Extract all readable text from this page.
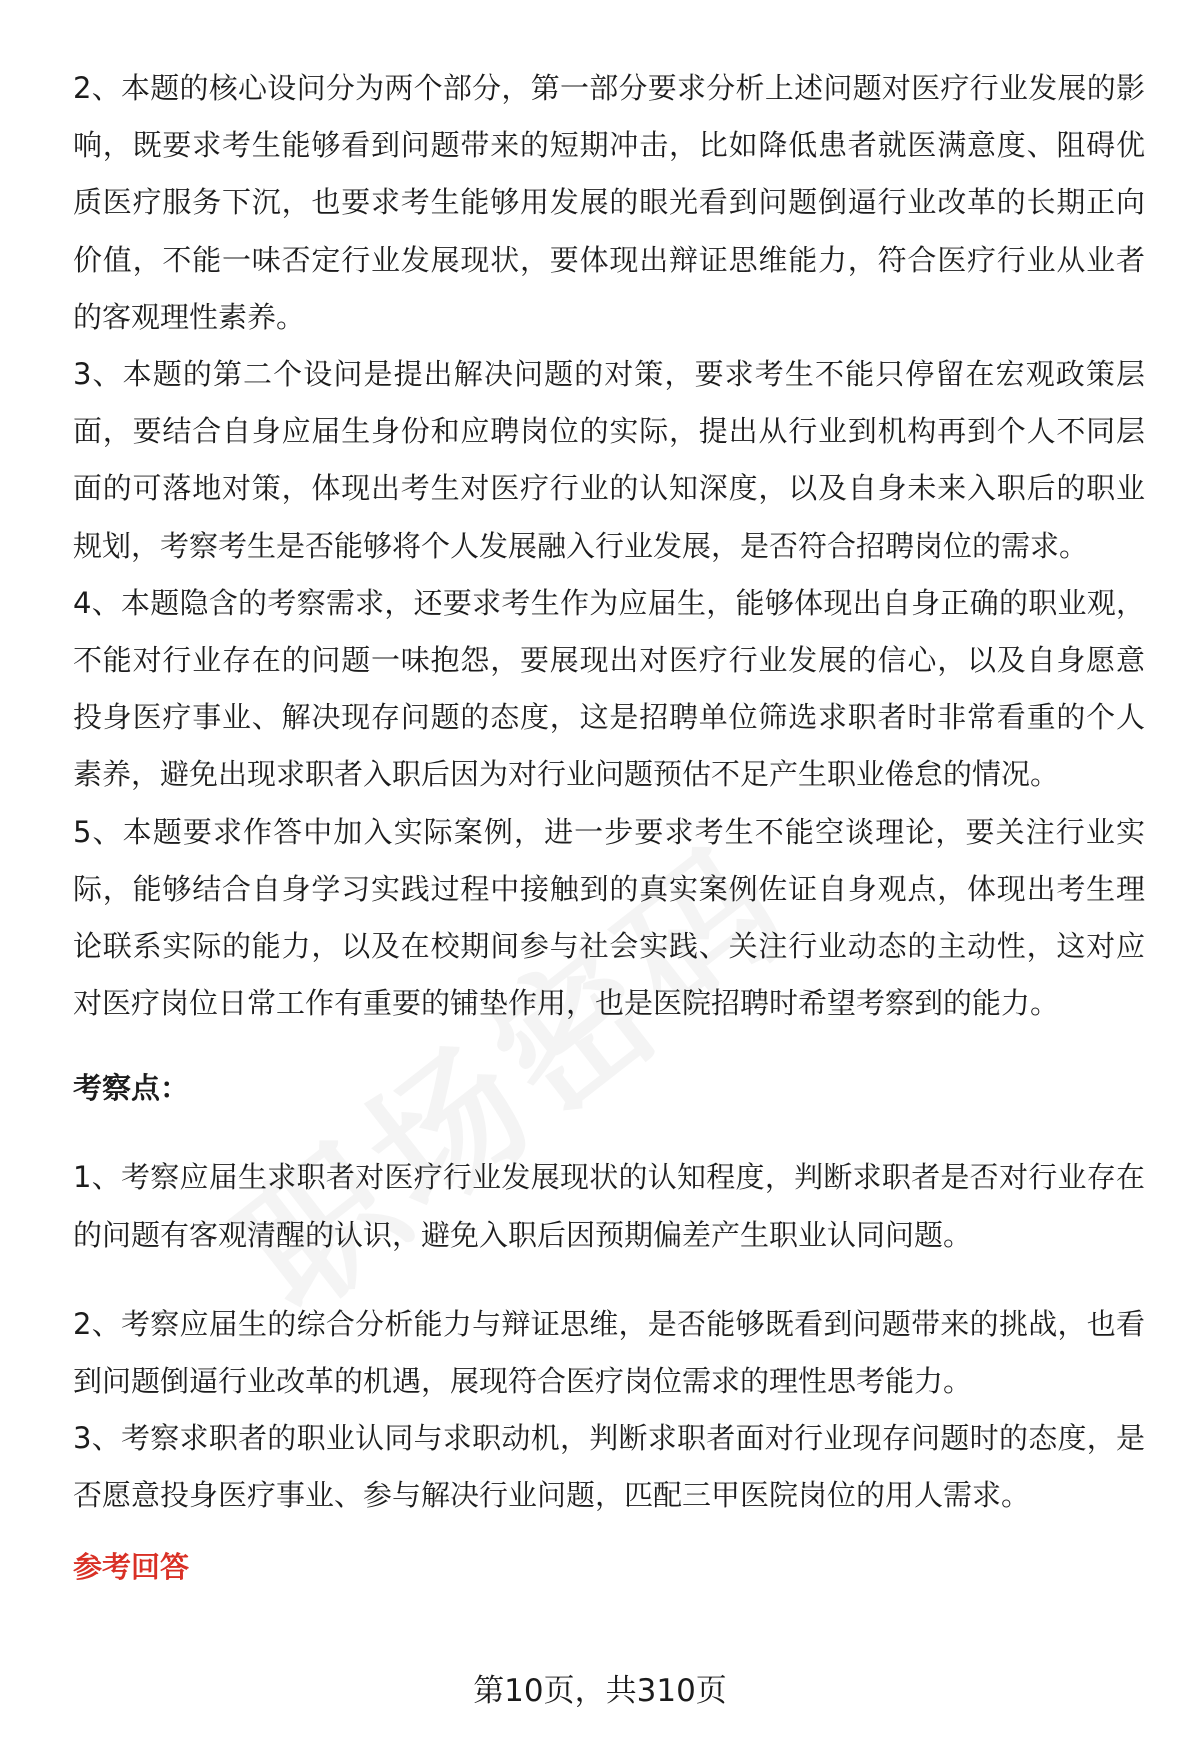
2、本题的核心设问分为两个部分，第一部分要求分析上述问题对医疗行业发展的影响，既要求考生能够看到问题带来的短期冲击，比如降低患者就医满意度、阻碍优质医疗服务下沉，也要求考生能够用发展的眼光看到问题倒逼行业改革的长期正向价值，不能一味否定行业发展现状，要体现出辩证思维能力，符合医疗行业从业者的客观理性素养。

3、本题的第二个设问是提出解决问题的对策，要求考生不能只停留在宏观政策层面，要结合自身应届生身份和应聘岗位的实际，提出从行业到机构再到个人不同层面的可落地对策，体现出考生对医疗行业的认知深度，以及自身未来入职后的职业规划，考察考生是否能够将个人发展融入行业发展，是否符合招聘岗位的需求。

4、本题隐含的考察需求，还要求考生作为应届生，能够体现出自身正确的职业观，不能对行业存在的问题一味抱怨，要展现出对医疗行业发展的信心，以及自身愿意投身医疗事业、解决现存问题的态度，这是招聘单位筛选求职者时非常看重的个人素养，避免出现求职者入职后因为对行业问题预估不足产生职业倦怠的情况。

5、本题要求作答中加入实际案例，进一步要求考生不能空谈理论，要关注行业实际，能够结合自身学习实践过程中接触到的真实案例佐证自身观点，体现出考生理论联系实际的能力，以及在校期间参与社会实践、关注行业动态的主动性，这对应对医疗岗位日常工作有重要的铺垫作用，也是医院招聘时希望考察到的能力。

考察点：

1、考察应届生求职者对医疗行业发展现状的认知程度，判断求职者是否对行业存在的问题有客观清醒的认识，避免入职后因预期偏差产生职业认同问题。

2、考察应届生的综合分析能力与辩证思维，是否能够既看到问题带来的挑战，也看到问题倒逼行业改革的机遇，展现符合医疗岗位需求的理性思考能力。

3、考察求职者的职业认同与求职动机，判断求职者面对行业现存问题时的态度，是否愿意投身医疗事业、参与解决行业问题，匹配三甲医院岗位的用人需求。

参考回答

第10页，共310页
